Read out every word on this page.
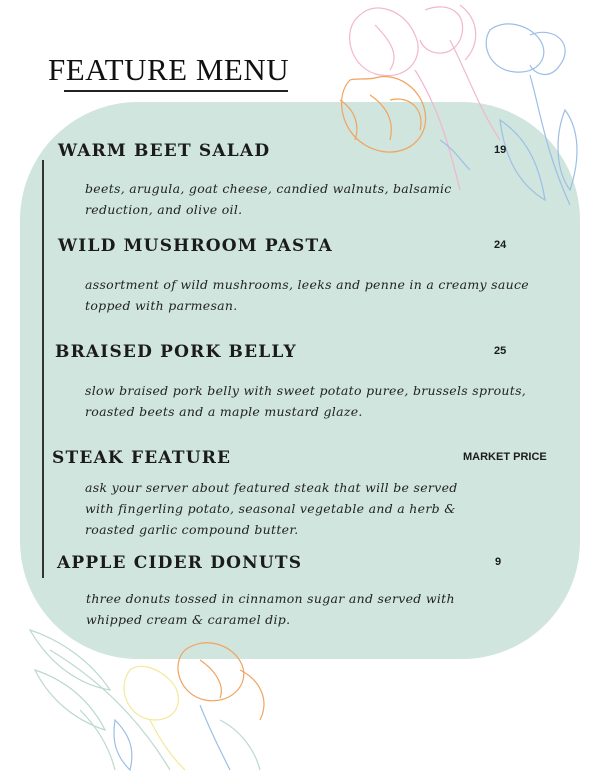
FEATURE MENU
WARM BEET SALAD	19
beets, arugula, goat cheese, candied walnuts, balsamic reduction, and olive oil.
WILD MUSHROOM PASTA	24
assortment of wild mushrooms, leeks and penne in a creamy sauce topped with parmesan.
BRAISED PORK BELLY	25
slow braised pork belly with sweet potato puree, brussels sprouts, roasted beets and a maple mustard glaze.
STEAK FEATURE	MARKET PRICE
ask your server about featured steak that will be served with fingerling potato, seasonal vegetable and a herb & roasted garlic compound butter.
APPLE CIDER DONUTS	9
three donuts tossed in cinnamon sugar and served with whipped cream & caramel dip.
